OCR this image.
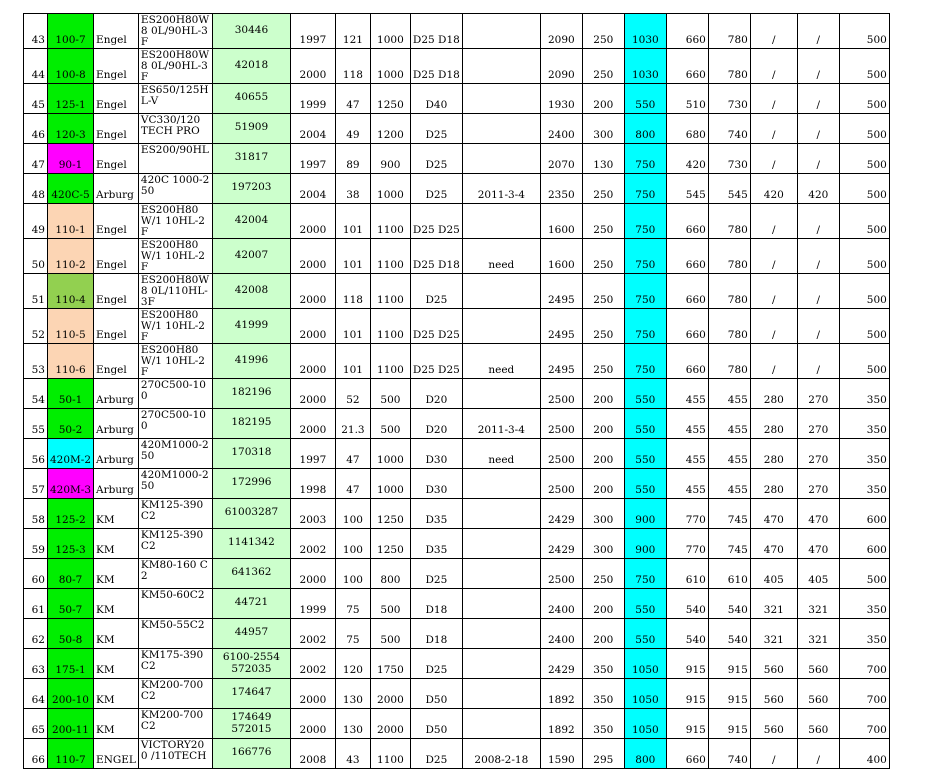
43	100-7	Engel	ES200H80W8 0L/90HL-3F	30446	1997	121	1000	D25 D18		2090	250	1030	660	780	/	/	500
44	100-8	Engel	ES200H80W8 0L/90HL-3F	42018	2000	118	1000	D25 D18		2090	250	1030	660	780	/	/	500
45	125-1	Engel	ES650/125HL-V	40655	1999	47	1250	D40		1930	200	550	510	730	/	/	500
46	120-3	Engel	VC330/120 TECH PRO	51909	2004	49	1200	D25		2400	300	800	680	740	/	/	500
47	90-1	Engel	ES200/90HL	31817	1997	89	900	D25		2070	130	750	420	730	/	/	500
48	420C-5	Arburg	420C 1000-250	197203	2004	38	1000	D25	2011-3-4	2350	250	750	545	545	420	420	500
49	110-1	Engel	ES200H80W/1 10HL-2F	42004	2000	101	1100	D25 D25		1600	250	750	660	780	/	/	500
50	110-2	Engel	ES200H80W/1 10HL-2F	42007	2000	101	1100	D25 D18	need	1600	250	750	660	780	/	/	500
51	110-4	Engel	ES200H80W8 0L/110HL-3F	42008	2000	118	1100	D25		2495	250	750	660	780	/	/	500
52	110-5	Engel	ES200H80W/1 10HL-2F	41999	2000	101	1100	D25 D25		2495	250	750	660	780	/	/	500
53	110-6	Engel	ES200H80W/1 10HL-2F	41996	2000	101	1100	D25 D25	need	2495	250	750	660	780	/	/	500
54	50-1	Arburg	270C500-100	182196	2000	52	500	D20		2500	200	550	455	455	280	270	350
55	50-2	Arburg	270C500-100	182195	2000	21.3	500	D20	2011-3-4	2500	200	550	455	455	280	270	350
56	420M-2	Arburg	420M1000-250	170318	1997	47	1000	D30	need	2500	200	550	455	455	280	270	350
57	420M-3	Arburg	420M1000-250	172996	1998	47	1000	D30		2500	200	550	455	455	280	270	350
58	125-2	KM	KM125-390 C2	61003287	2003	100	1250	D35		2429	300	900	770	745	470	470	600
59	125-3	KM	KM125-390 C2	1141342	2002	100	1250	D35		2429	300	900	770	745	470	470	600
60	80-7	KM	KM80-160 C2	641362	2000	100	800	D25		2500	250	750	610	610	405	405	500
61	50-7	KM	KM50-60C2	44721	1999	75	500	D18		2400	200	550	540	540	321	321	350
62	50-8	KM	KM50-55C2	44957	2002	75	500	D18		2400	200	550	540	540	321	321	350
63	175-1	KM	KM175-390 C2	6100-2554 572035	2002	120	1750	D25		2429	350	1050	915	915	560	560	700
64	200-10	KM	KM200-700 C2	174647	2000	130	2000	D50		1892	350	1050	915	915	560	560	700
65	200-11	KM	KM200-700 C2	174649 572015	2000	130	2000	D50		1892	350	1050	915	915	560	560	700
66	110-7	ENGEL	VICTORY200 /110TECH	166776	2008	43	1100	D25	2008-2-18	1590	295	800	660	740	/	/	400
